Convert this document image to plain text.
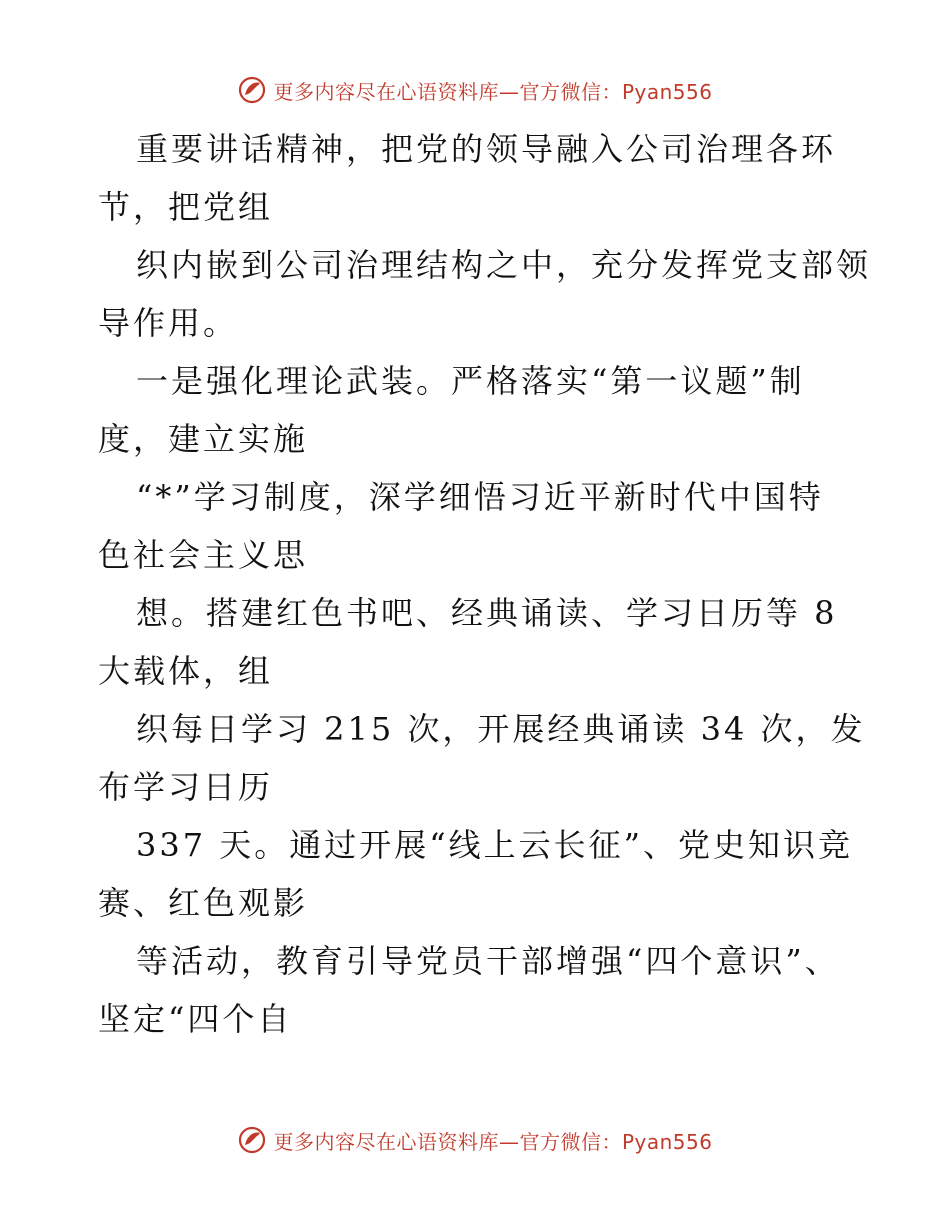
更多内容尽在心语资料库—官方微信：Pyan556
重要讲话精神，把党的领导融入公司治理各环
节，把党组
织内嵌到公司治理结构之中，充分发挥党支部领
导作用。
一是强化理论武装。严格落实“第一议题”制
度，建立实施
“*”学习制度，深学细悟习近平新时代中国特
色社会主义思
想。搭建红色书吧、经典诵读、学习日历等 8
大载体，组
织每日学习 215 次，开展经典诵读 34 次，发
布学习日历
337 天。通过开展“线上云长征”、党史知识竞
赛、红色观影
等活动，教育引导党员干部增强“四个意识”、
坚定“四个自
更多内容尽在心语资料库—官方微信：Pyan556
